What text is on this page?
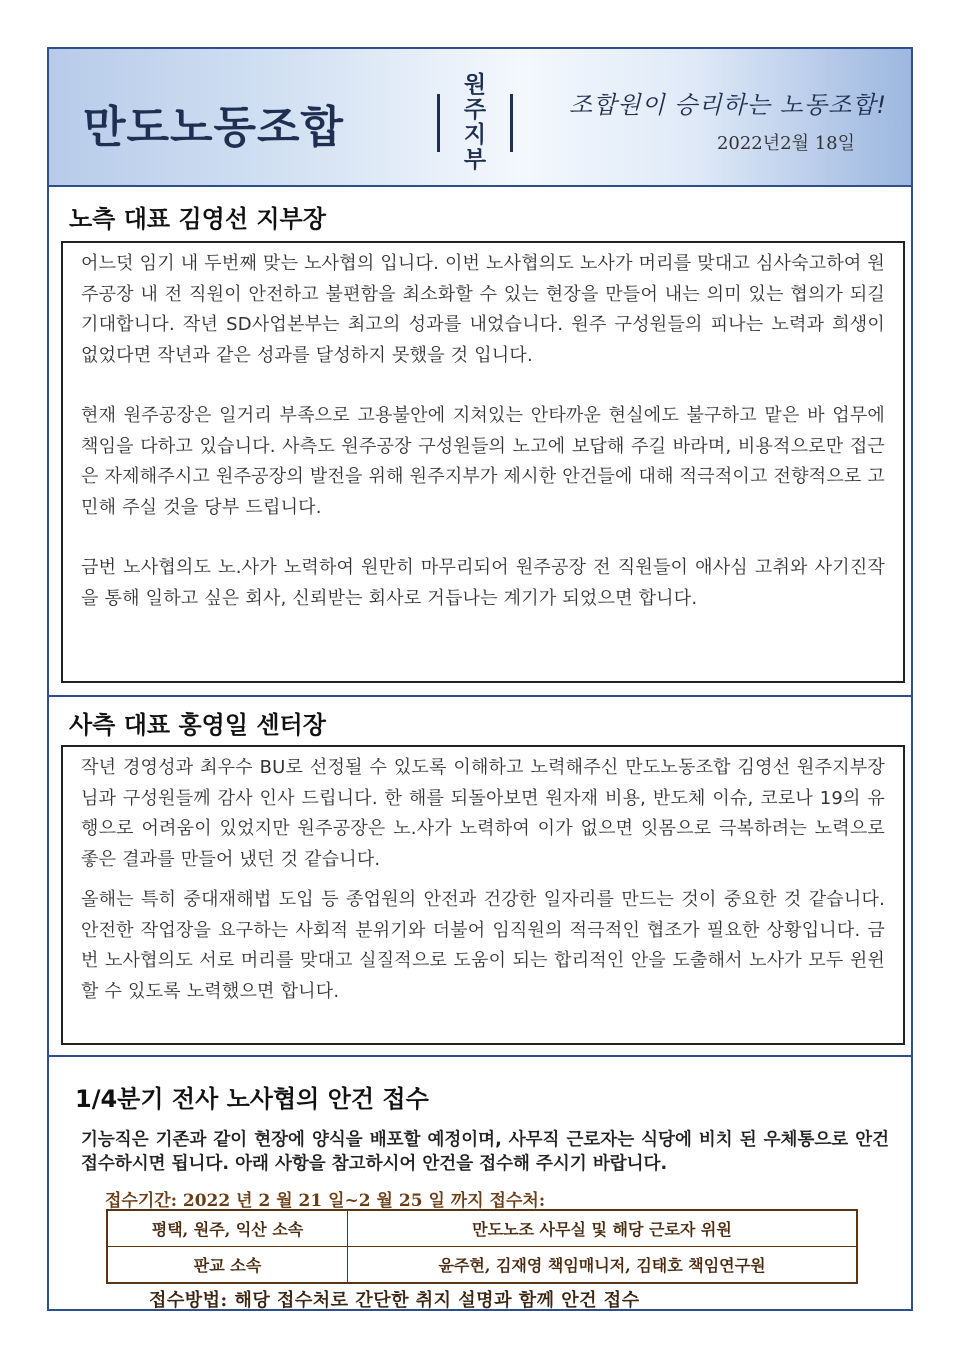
만도노동조합
원주지부
조합원이 승리하는 노동조합!
2022년2월 18일
노측 대표 김영선 지부장

어느덧 임기 내 두번째 맞는 노사협의 입니다. 이번 노사협의도 노사가 머리를 맞대고 심사숙고하여 원주공장 내 전 직원이 안전하고 불편함을 최소화할 수 있는 현장을 만들어 내는 의미 있는 협의가 되길 기대합니다. 작년 SD사업본부는 최고의 성과를 내었습니다. 원주 구성원들의 피나는 노력과 희생이 없었다면 작년과 같은 성과를 달성하지 못했을 것 입니다.

현재 원주공장은 일거리 부족으로 고용불안에 지쳐있는 안타까운 현실에도 불구하고 맡은 바 업무에 책임을 다하고 있습니다. 사측도 원주공장 구성원들의 노고에 보답해 주길 바라며, 비용적으로만 접근은 자제해주시고 원주공장의 발전을 위해 원주지부가 제시한 안건들에 대해 적극적이고 전향적으로 고민해 주실 것을 당부 드립니다.

금번 노사협의도 노.사가 노력하여 원만히 마무리되어 원주공장 전 직원들이 애사심 고취와 사기진작을 통해 일하고 싶은 회사, 신뢰받는 회사로 거듭나는 계기가 되었으면 합니다.

사측 대표 홍영일 센터장

작년 경영성과 최우수 BU로 선정될 수 있도록 이해하고 노력해주신 만도노동조합 김영선 원주지부장님과 구성원들께 감사 인사 드립니다. 한 해를 되돌아보면 원자재 비용, 반도체 이슈, 코로나 19의 유행으로 어려움이 있었지만 원주공장은 노.사가 노력하여 이가 없으면 잇몸으로 극복하려는 노력으로 좋은 결과를 만들어 냈던 것 같습니다.

올해는 특히 중대재해법 도입 등 종업원의 안전과 건강한 일자리를 만드는 것이 중요한 것 같습니다. 안전한 작업장을 요구하는 사회적 분위기와 더불어 임직원의 적극적인 협조가 필요한 상황입니다. 금번 노사협의도 서로 머리를 맞대고 실질적으로 도움이 되는 합리적인 안을 도출해서 노사가 모두 윈윈할 수 있도록 노력했으면 합니다.

1/4분기 전사 노사협의 안건 접수
기능직은 기존과 같이 현장에 양식을 배포할 예정이며, 사무직 근로자는 식당에 비치 된 우체통으로 안건 접수하시면 됩니다. 아래 사항을 참고하시어 안건을 접수해 주시기 바랍니다.
접수기간: 2022 년 2 월 21 일~2 월 25 일 까지 접수처:
평택, 원주, 익산 소속	만도노조 사무실 및 해당 근로자 위원
판교 소속	윤주현, 김재영 책임매니저, 김태호 책임연구원
접수방법: 해당 접수처로 간단한 취지 설명과 함께 안건 접수
